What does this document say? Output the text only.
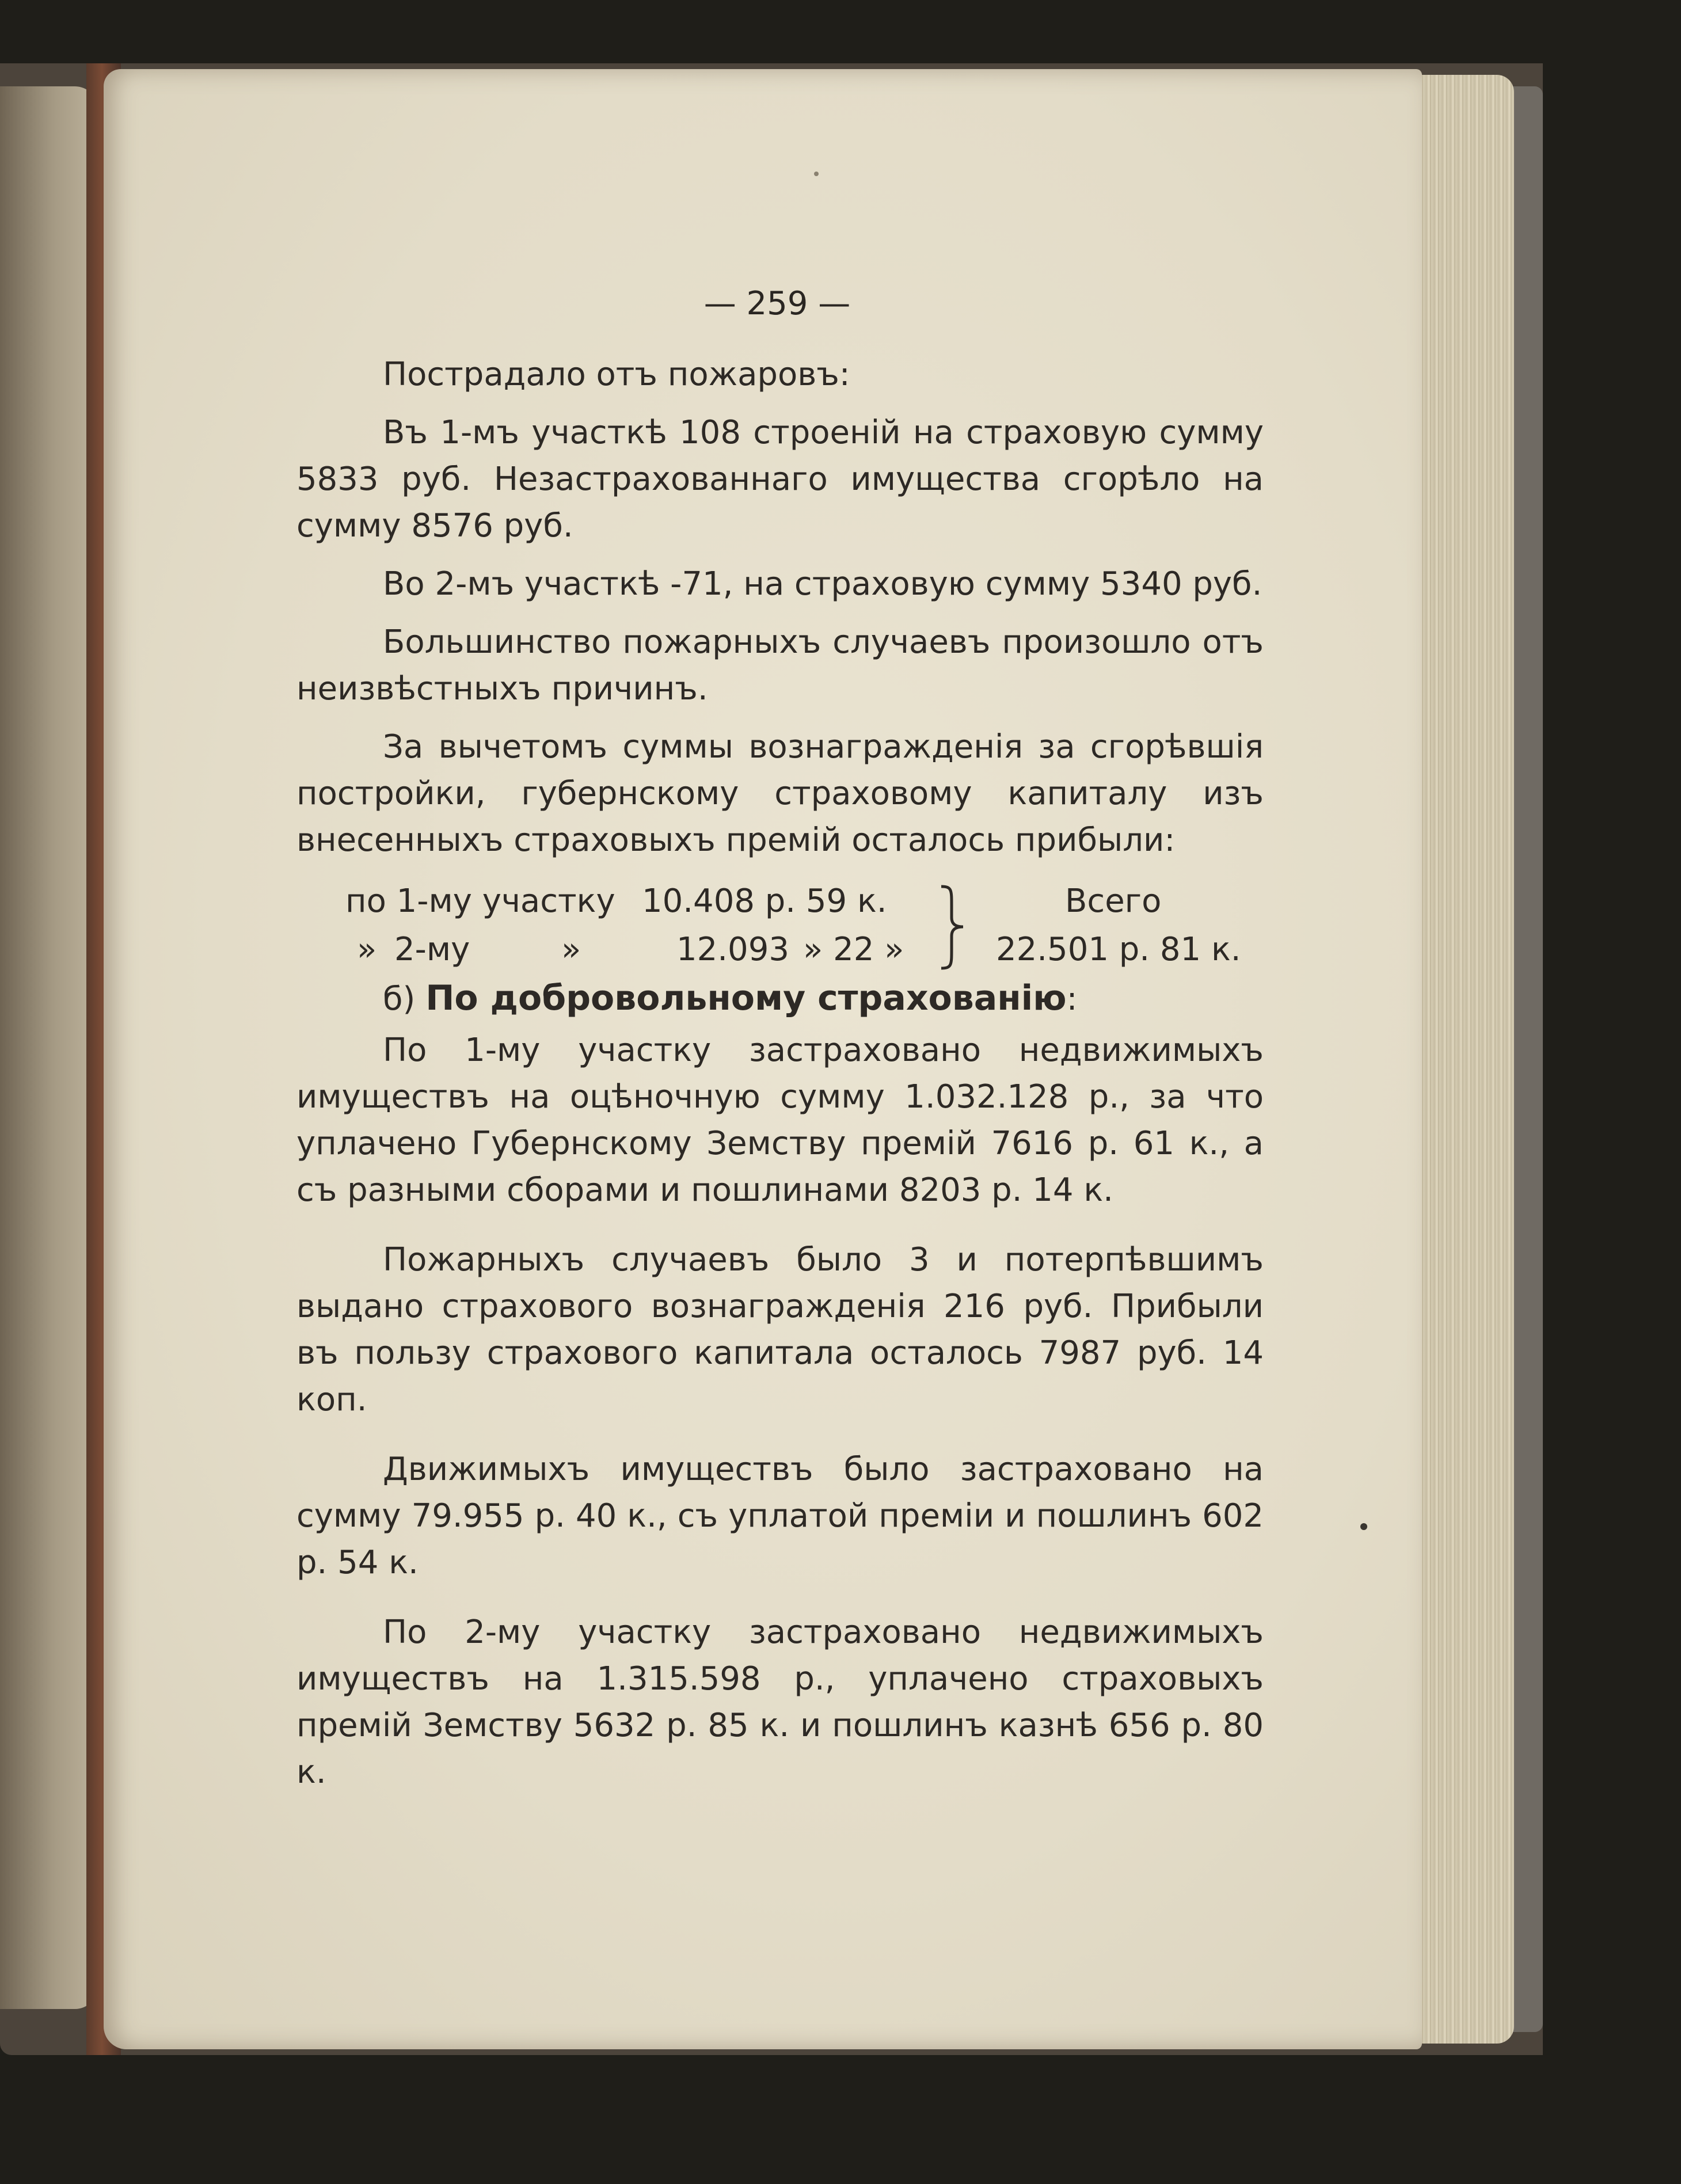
— 259 —

Пострадало отъ пожаровъ:

Въ 1-мъ участкѣ 108 строеній на страховую сумму 5833 руб. Незастрахованнаго имущества сгорѣло на сумму 8576 руб.

Во 2-мъ участкѣ -71, на страховую сумму 5340 руб.

Большинство пожарныхъ случаевъ произошло отъ неизвѣстныхъ причинъ.

За вычетомъ суммы вознагражденія за сгорѣвшія постройки, губернскому страховому капиталу изъ внесенныхъ страховыхъ премій осталось прибыли:

по 1-му участку 10.408 р. 59 к.
» 2-му	»	12.093 » 22 »
Всего
22.501 р. 81 к.

б) По добровольному страхованію:

По 1-му участку застраховано недвижимыхъ имуществъ на оцѣночную сумму 1.032.128 р., за что уплачено Губернскому Земству премій 7616 р. 61 к., а съ разными сборами и пошлинами 8203 р. 14 к.

Пожарныхъ случаевъ было 3 и потерпѣвшимъ выдано страхового вознагражденія 216 руб. Прибыли въ пользу страхового капитала осталось 7987 руб. 14 коп.

Движимыхъ имуществъ было застраховано на сумму 79.955 р. 40 к., съ уплатой преміи и пошлинъ 602 р. 54 к.

По 2-му участку застраховано недвижимыхъ имуществъ на 1.315.598 р., уплачено страховыхъ премій Земству 5632 р. 85 к. и пошлинъ казнѣ 656 р. 80 к.
